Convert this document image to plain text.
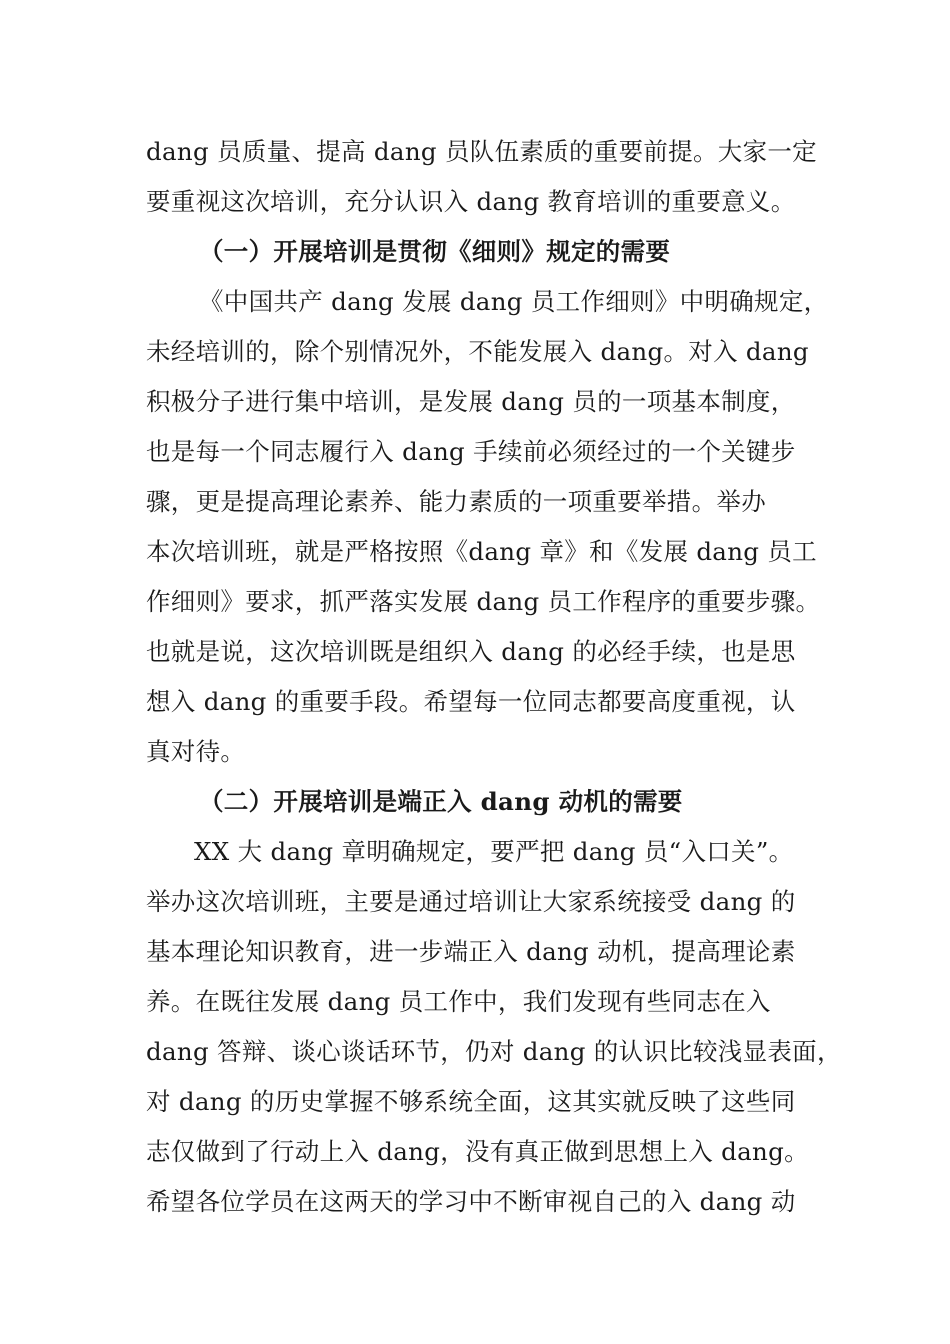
dang 员质量、提高 dang 员队伍素质的重要前提。大家一定
要重视这次培训，充分认识入 dang 教育培训的重要意义。
（一）开展培训是贯彻《细则》规定的需要
《中国共产 dang 发展 dang 员工作细则》中明确规定，
未经培训的，除个别情况外，不能发展入 dang。对入 dang
积极分子进行集中培训，是发展 dang 员的一项基本制度，
也是每一个同志履行入 dang 手续前必须经过的一个关键步
骤，更是提高理论素养、能力素质的一项重要举措。举办
本次培训班，就是严格按照《dang 章》和《发展 dang 员工
作细则》要求，抓严落实发展 dang 员工作程序的重要步骤。
也就是说，这次培训既是组织入 dang 的必经手续，也是思
想入 dang 的重要手段。希望每一位同志都要高度重视，认
真对待。
（二）开展培训是端正入 dang 动机的需要
XX 大 dang 章明确规定，要严把 dang 员“入口关”。
举办这次培训班，主要是通过培训让大家系统接受 dang 的
基本理论知识教育，进一步端正入 dang 动机，提高理论素
养。在既往发展 dang 员工作中，我们发现有些同志在入
dang 答辩、谈心谈话环节，仍对 dang 的认识比较浅显表面，
对 dang 的历史掌握不够系统全面，这其实就反映了这些同
志仅做到了行动上入 dang，没有真正做到思想上入 dang。
希望各位学员在这两天的学习中不断审视自己的入 dang 动
